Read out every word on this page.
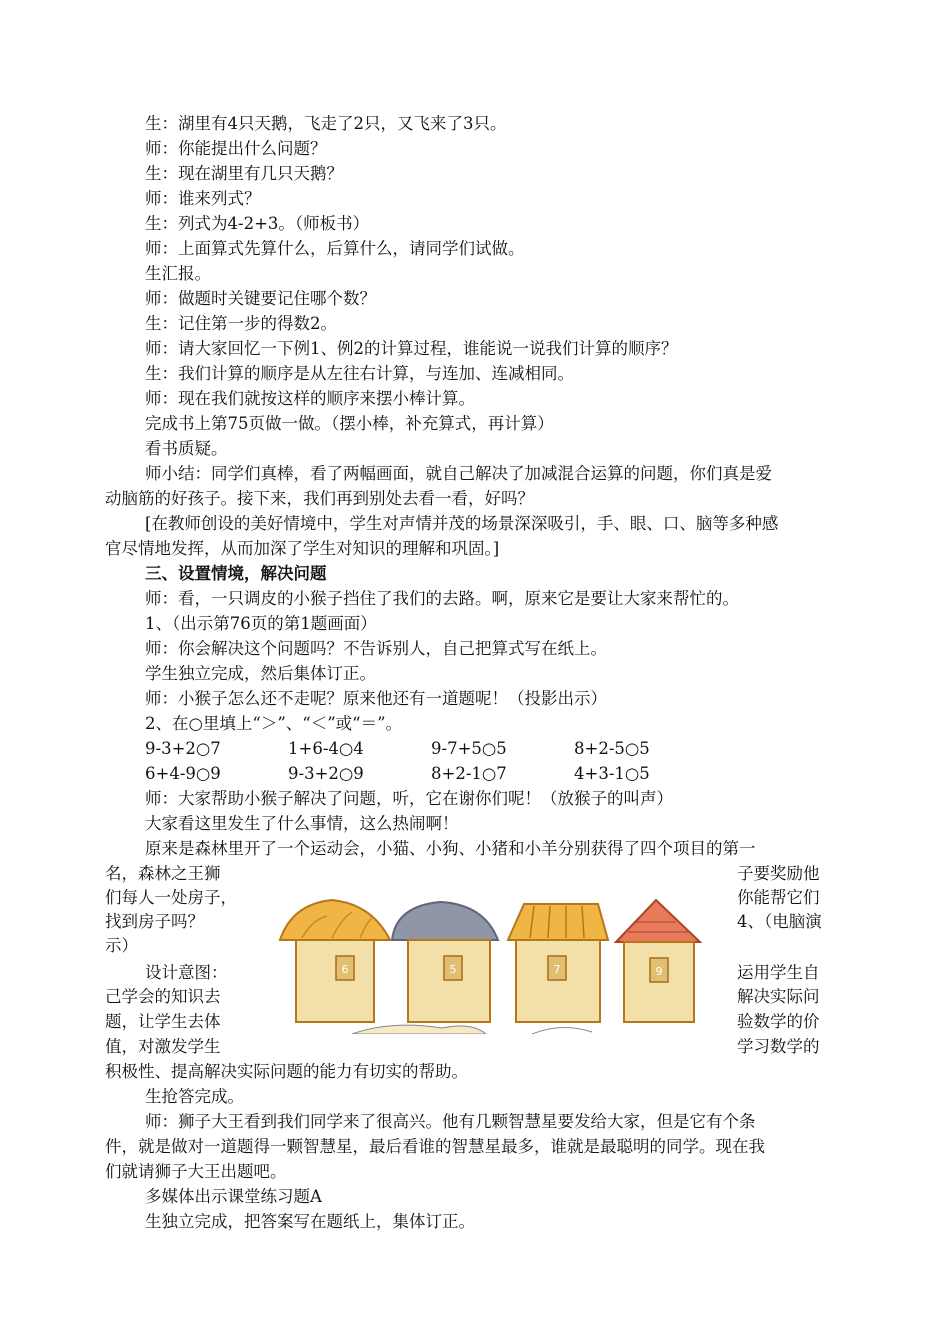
生：湖里有4只天鹅，飞走了2只，又飞来了3只。
师：你能提出什么问题？
生：现在湖里有几只天鹅？
师：谁来列式？
生：列式为4-2+3。（师板书）
师：上面算式先算什么，后算什么，请同学们试做。
生汇报。
师：做题时关键要记住哪个数？
生：记住第一步的得数2。
师：请大家回忆一下例1、例2的计算过程，谁能说一说我们计算的顺序？
生：我们计算的顺序是从左往右计算，与连加、连减相同。
师：现在我们就按这样的顺序来摆小棒计算。
完成书上第75页做一做。（摆小棒，补充算式，再计算）
看书质疑。
师小结：同学们真棒，看了两幅画面，就自己解决了加减混合运算的问题，你们真是爱
动脑筋的好孩子。接下来，我们再到别处去看一看，好吗？
[在教师创设的美好情境中，学生对声情并茂的场景深深吸引，手、眼、口、脑等多种感
官尽情地发挥，从而加深了学生对知识的理解和巩固。]
三、设置情境，解决问题
师：看，一只调皮的小猴子挡住了我们的去路。啊，原来它是要让大家来帮忙的。
1、（出示第76页的第1题画面）
师：你会解决这个问题吗？不告诉别人，自己把算式写在纸上。
学生独立完成，然后集体订正。
师：小猴子怎么还不走呢？原来他还有一道题呢！（投影出示）
2、在○里填上“＞”、“＜”或“＝”。
9-3+2○7	1+6-4○4	9-7+5○5	8+2-5○5
6+4-9○9	9-3+2○9	8+2-1○7	4+3-1○5
师：大家帮助小猴子解决了问题，听，它在谢你们呢！（放猴子的叫声）
大家看这里发生了什么事情，这么热闹啊！
原来是森林里开了一个运动会，小猫、小狗、小猪和小羊分别获得了四个项目的第一
名，森林之王狮
们每人一处房子，
找到房子吗？
示）
设计意图：
己学会的知识去
题，让学生去体
值，对激发学生
子要奖励他
你能帮它们
4、（电脑演
运用学生自
解决实际问
验数学的价
学习数学的
6	5	7	9
积极性、提高解决实际问题的能力有切实的帮助。
生抢答完成。
师：狮子大王看到我们同学来了很高兴。他有几颗智慧星要发给大家，但是它有个条
件，就是做对一道题得一颗智慧星，最后看谁的智慧星最多，谁就是最聪明的同学。现在我
们就请狮子大王出题吧。
多媒体出示课堂练习题A
生独立完成，把答案写在题纸上，集体订正。
